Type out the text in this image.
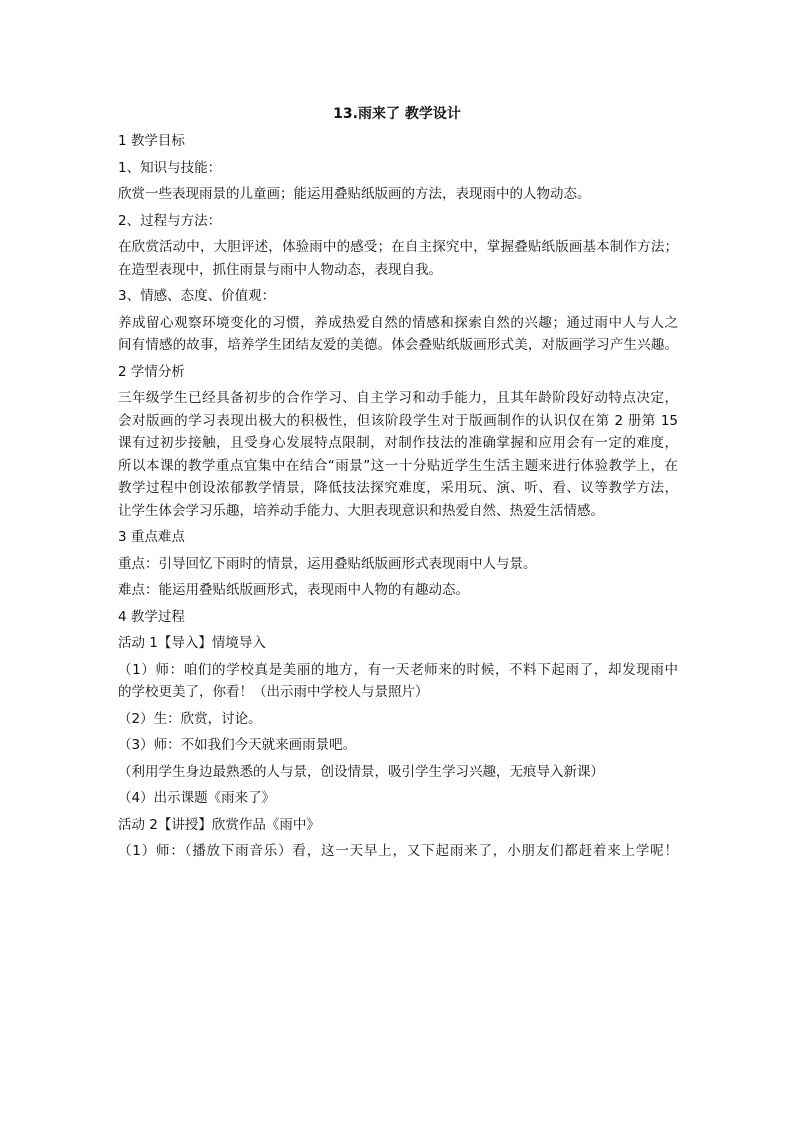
13.雨来了 教学设计
1 教学目标
1、知识与技能：
欣赏一些表现雨景的儿童画；能运用叠贴纸版画的方法，表现雨中的人物动态。
2、过程与方法：
在欣赏活动中，大胆评述，体验雨中的感受；在自主探究中，掌握叠贴纸版画基本制作方法；
在造型表现中，抓住雨景与雨中人物动态，表现自我。
3、情感、态度、价值观：
养成留心观察环境变化的习惯，养成热爱自然的情感和探索自然的兴趣；通过雨中人与人之
间有情感的故事，培养学生团结友爱的美德。体会叠贴纸版画形式美，对版画学习产生兴趣。
2 学情分析
三年级学生已经具备初步的合作学习、自主学习和动手能力，且其年龄阶段好动特点决定，
会对版画的学习表现出极大的积极性，但该阶段学生对于版画制作的认识仅在第 2 册第 15
课有过初步接触，且受身心发展特点限制，对制作技法的准确掌握和应用会有一定的难度，
所以本课的教学重点宜集中在结合“雨景”这一十分贴近学生生活主题来进行体验教学上，在
教学过程中创设浓郁教学情景，降低技法探究难度，采用玩、演、听、看、议等教学方法，
让学生体会学习乐趣，培养动手能力、大胆表现意识和热爱自然、热爱生活情感。
3 重点难点
重点：引导回忆下雨时的情景，运用叠贴纸版画形式表现雨中人与景。
难点：能运用叠贴纸版画形式，表现雨中人物的有趣动态。
4 教学过程
活动 1【导入】情境导入
（1）师：咱们的学校真是美丽的地方，有一天老师来的时候，不料下起雨了，却发现雨中
的学校更美了，你看！（出示雨中学校人与景照片）
（2）生：欣赏，讨论。
（3）师：不如我们今天就来画雨景吧。
（利用学生身边最熟悉的人与景，创设情景，吸引学生学习兴趣，无痕导入新课）
（4）出示课题《雨来了》
活动 2【讲授】欣赏作品《雨中》
（1）师：（播放下雨音乐）看，这一天早上，又下起雨来了，小朋友们都赶着来上学呢！
